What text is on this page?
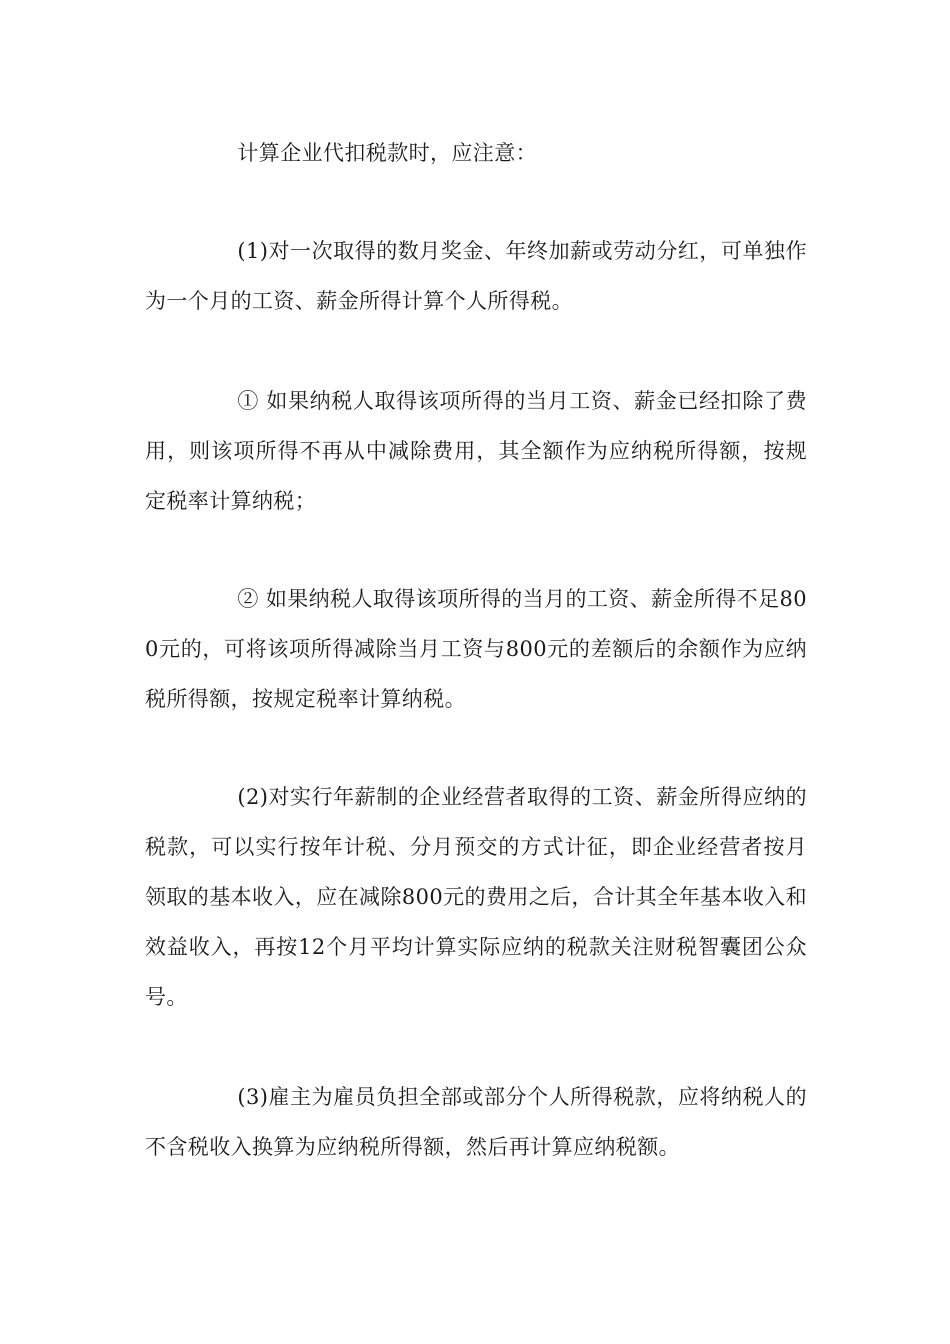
计算企业代扣税款时，应注意：

(1)对一次取得的数月奖金、年终加薪或劳动分红，可单独作为一个月的工资、薪金所得计算个人所得税。

① 如果纳税人取得该项所得的当月工资、薪金已经扣除了费用，则该项所得不再从中减除费用，其全额作为应纳税所得额，按规定税率计算纳税；

② 如果纳税人取得该项所得的当月的工资、薪金所得不足800元的，可将该项所得减除当月工资与800元的差额后的余额作为应纳税所得额，按规定税率计算纳税。

(2)对实行年薪制的企业经营者取得的工资、薪金所得应纳的税款，可以实行按年计税、分月预交的方式计征，即企业经营者按月领取的基本收入，应在减除800元的费用之后，合计其全年基本收入和效益收入，再按12个月平均计算实际应纳的税款关注财税智囊团公众号。

(3)雇主为雇员负担全部或部分个人所得税款，应将纳税人的不含税收入换算为应纳税所得额，然后再计算应纳税额。
